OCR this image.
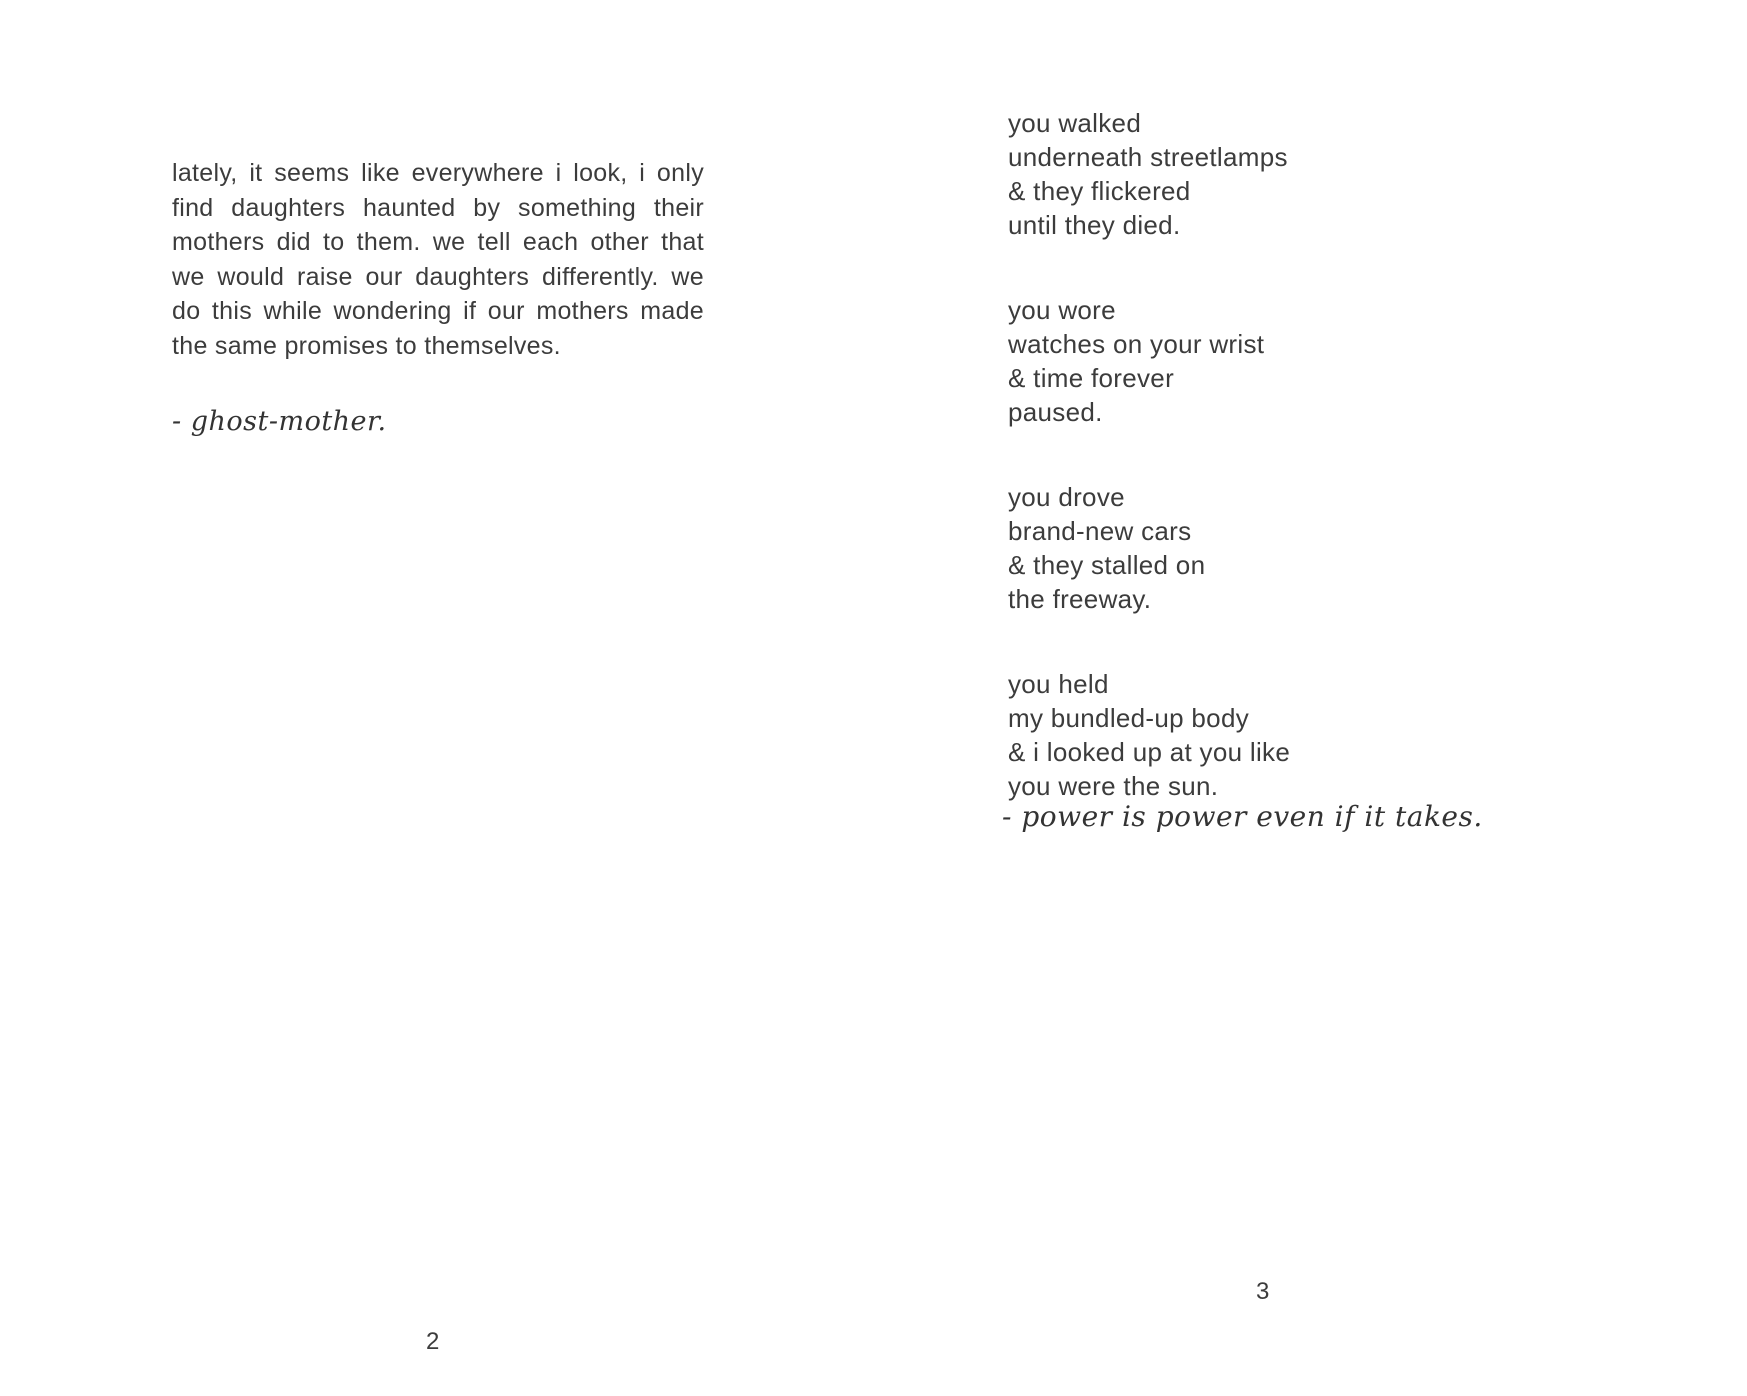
lately, it seems like everywhere i look, i only
find daughters haunted by something their
mothers did to them. we tell each other that
we would raise our daughters differently. we
do this while wondering if our mothers made
the same promises to themselves.
- ghost-mother.
2
you walked
underneath streetlamps
& they flickered
until they died.
you wore
watches on your wrist
& time forever
paused.
you drove
brand-new cars
& they stalled on
the freeway.
you held
my bundled-up body
& i looked up at you like
you were the sun.
- power is power even if it takes.
3
